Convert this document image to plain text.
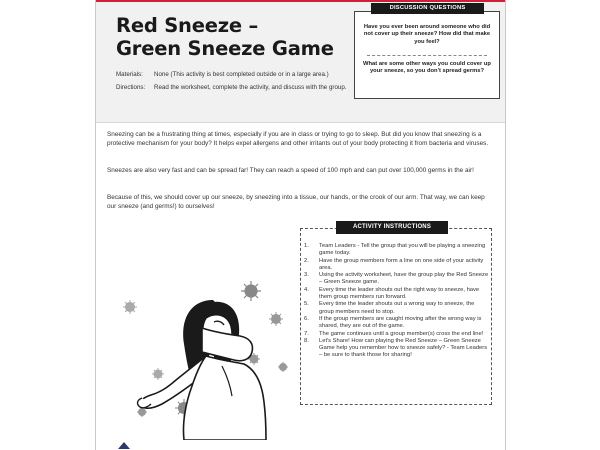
Red Sneeze –
Green Sneeze Game
Materials: None (This activity is best completed outside or in a large area.)
Directions: Read the worksheet, complete the activity, and discuss with the group.
DISCUSSION QUESTIONS
Have you ever been around someone who did not cover up their sneeze? How did that make you feel?
What are some other ways you could cover up your sneeze, so you don't spread germs?

Sneezing can be a frustrating thing at times, especially if you are in class or trying to go to sleep. But did you know that sneezing is a protective mechanism for your body? It helps expel allergens and other irritants out of your body protecting it from bacteria and viruses.

Sneezes are also very fast and can be spread far! They can reach a speed of 100 mph and can put over 100,000 germs in the air!

Because of this, we should cover up our sneeze, by sneezing into a tissue, our hands, or the crook of our arm. That way, we can keep our sneeze (and germs!) to ourselves!

ACTIVITY INSTRUCTIONS
1.	Team Leaders - Tell the group that you will be playing a sneezing game today.
2.	Have the group members form a line on one side of your activity area.
3.	Using the activity worksheet, have the group play the Red Sneeze – Green Sneeze game.
4.	Every time the leader shouts out the right way to sneeze, have them group members run forward.
5.	Every time the leader shouts out a wrong way to sneeze, the group members need to stop.
6.	If the group members are caught moving after the wrong way is shared, they are out of the game.
7.	The game continues until a group member(s) cross the end line!
8.	Let's Share! How can playing the Red Sneeze – Green Sneeze Game help you remember how to sneeze safely? - Team Leaders – be sure to thank those for sharing!
